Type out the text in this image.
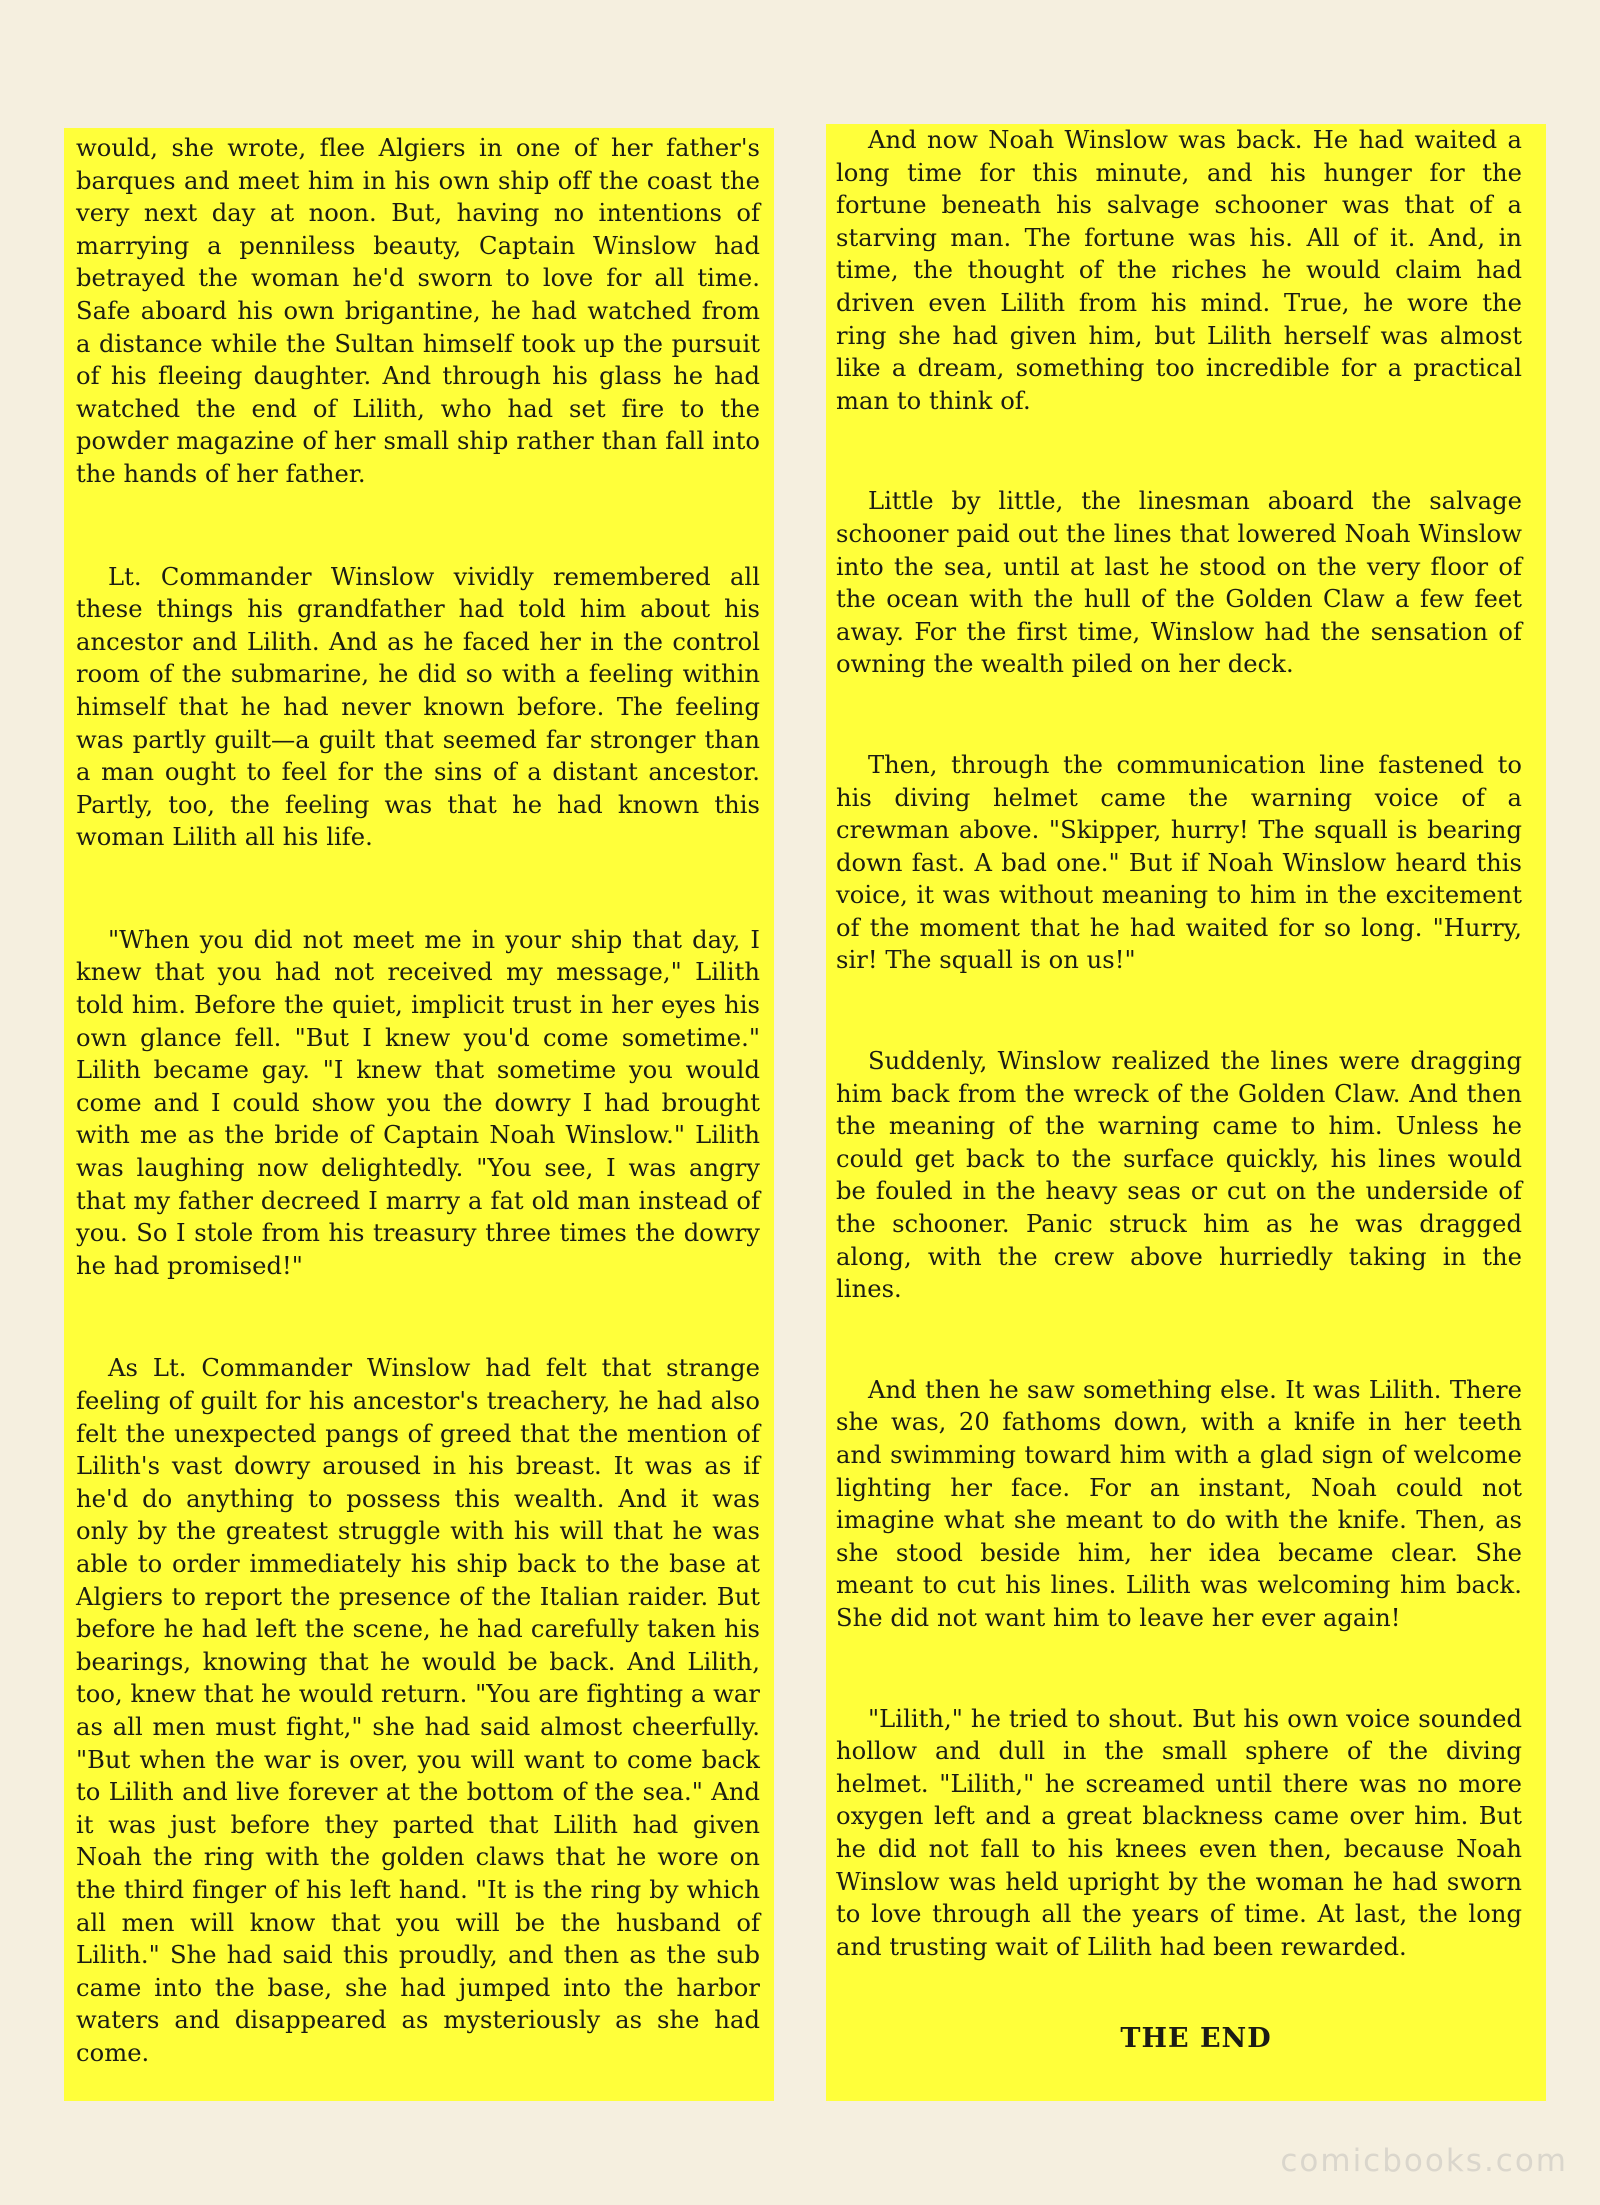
would, she wrote, flee Algiers in one of her father's barques and meet him in his own ship off the coast the very next day at noon. But, having no intentions of marrying a penniless beauty, Captain Winslow had betrayed the woman he'd sworn to love for all time. Safe aboard his own brigantine, he had watched from a distance while the Sultan himself took up the pursuit of his fleeing daughter. And through his glass he had watched the end of Lilith, who had set fire to the powder magazine of her small ship rather than fall into the hands of her father.

Lt. Commander Winslow vividly remembered all these things his grandfather had told him about his ancestor and Lilith. And as he faced her in the control room of the submarine, he did so with a feeling within himself that he had never known before. The feeling was partly guilt—a guilt that seemed far stronger than a man ought to feel for the sins of a distant ancestor. Partly, too, the feeling was that he had known this woman Lilith all his life.

"When you did not meet me in your ship that day, I knew that you had not received my message," Lilith told him. Before the quiet, implicit trust in her eyes his own glance fell. "But I knew you'd come sometime." Lilith became gay. "I knew that sometime you would come and I could show you the dowry I had brought with me as the bride of Captain Noah Winslow." Lilith was laughing now delightedly. "You see, I was angry that my father decreed I marry a fat old man instead of you. So I stole from his treasury three times the dowry he had promised!"

As Lt. Commander Winslow had felt that strange feeling of guilt for his ancestor's treachery, he had also felt the unexpected pangs of greed that the mention of Lilith's vast dowry aroused in his breast. It was as if he'd do anything to possess this wealth. And it was only by the greatest struggle with his will that he was able to order immediately his ship back to the base at Algiers to report the presence of the Italian raider. But before he had left the scene, he had carefully taken his bearings, knowing that he would be back. And Lilith, too, knew that he would return. "You are fighting a war as all men must fight," she had said almost cheerfully. "But when the war is over, you will want to come back to Lilith and live forever at the bottom of the sea." And it was just before they parted that Lilith had given Noah the ring with the golden claws that he wore on the third finger of his left hand. "It is the ring by which all men will know that you will be the husband of Lilith." She had said this proudly, and then as the sub came into the base, she had jumped into the harbor waters and disappeared as mysteriously as she had come.

And now Noah Winslow was back. He had waited a long time for this minute, and his hunger for the fortune beneath his salvage schooner was that of a starving man. The fortune was his. All of it. And, in time, the thought of the riches he would claim had driven even Lilith from his mind. True, he wore the ring she had given him, but Lilith herself was almost like a dream, something too incredible for a practical man to think of.

Little by little, the linesman aboard the salvage schooner paid out the lines that lowered Noah Winslow into the sea, until at last he stood on the very floor of the ocean with the hull of the Golden Claw a few feet away. For the first time, Winslow had the sensation of owning the wealth piled on her deck.

Then, through the communication line fastened to his diving helmet came the warning voice of a crewman above. "Skipper, hurry! The squall is bearing down fast. A bad one." But if Noah Winslow heard this voice, it was without meaning to him in the excitement of the moment that he had waited for so long. "Hurry, sir! The squall is on us!"

Suddenly, Winslow realized the lines were dragging him back from the wreck of the Golden Claw. And then the meaning of the warning came to him. Unless he could get back to the surface quickly, his lines would be fouled in the heavy seas or cut on the underside of the schooner. Panic struck him as he was dragged along, with the crew above hurriedly taking in the lines.

And then he saw something else. It was Lilith. There she was, 20 fathoms down, with a knife in her teeth and swimming toward him with a glad sign of welcome lighting her face. For an instant, Noah could not imagine what she meant to do with the knife. Then, as she stood beside him, her idea became clear. She meant to cut his lines. Lilith was welcoming him back. She did not want him to leave her ever again!

"Lilith," he tried to shout. But his own voice sounded hollow and dull in the small sphere of the diving helmet. "Lilith," he screamed until there was no more oxygen left and a great blackness came over him. But he did not fall to his knees even then, because Noah Winslow was held upright by the woman he had sworn to love through all the years of time. At last, the long and trusting wait of Lilith had been rewarded.

THE END
comicbooks.com
